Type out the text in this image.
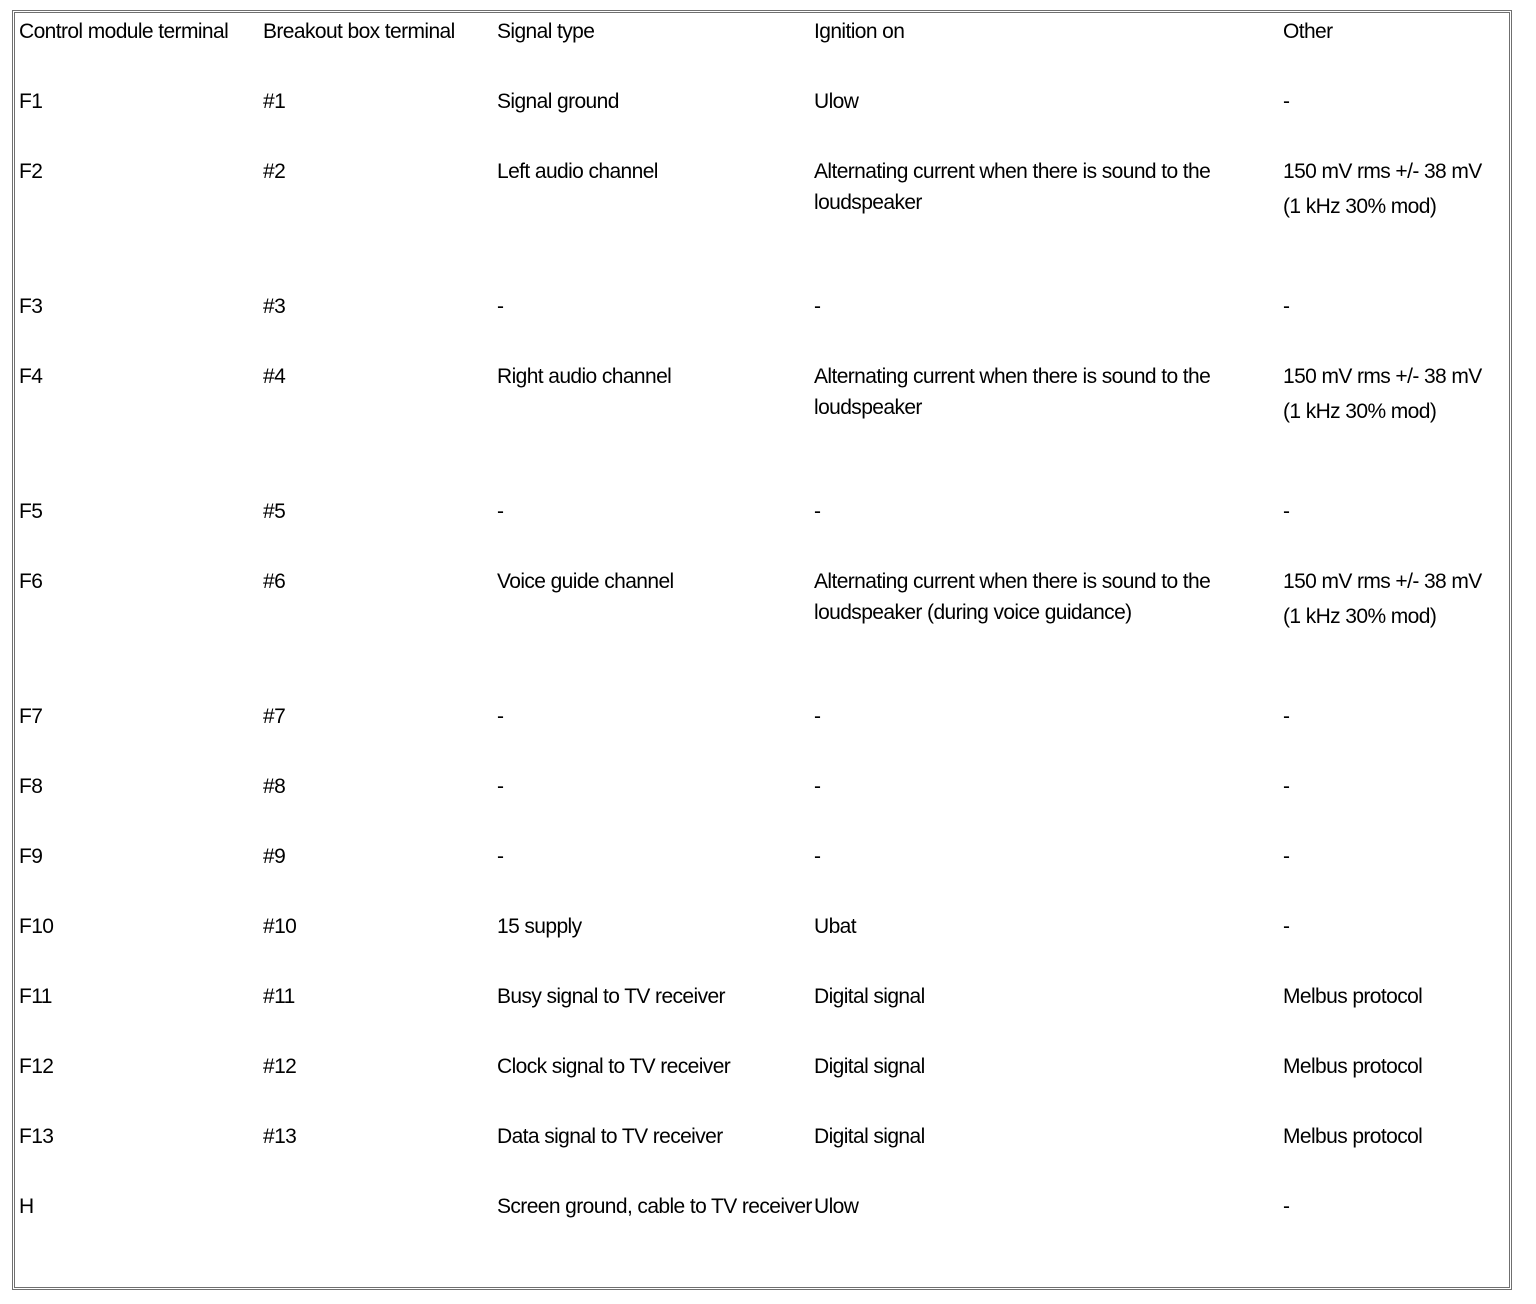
Control module terminal	Breakout box terminal	Signal type	Ignition on	Other
F1	#1	Signal ground	Ulow	-
F2	#2	Left audio channel	Alternating current when there is sound to the loudspeaker	150 mV rms +/- 38 mV
(1 kHz 30% mod)

F3	#3	-	-	-
F4	#4	Right audio channel	Alternating current when there is sound to the loudspeaker	150 mV rms +/- 38 mV
(1 kHz 30% mod)

F5	#5	-	-	-
F6	#6	Voice guide channel	Alternating current when there is sound to the loudspeaker (during voice guidance)	150 mV rms +/- 38 mV
(1 kHz 30% mod)

F7	#7	-	-	-
F8	#8	-	-	-
F9	#9	-	-	-
F10	#10	15 supply	Ubat	-
F11	#11	Busy signal to TV receiver	Digital signal	Melbus protocol
F12	#12	Clock signal to TV receiver	Digital signal	Melbus protocol
F13	#13	Data signal to TV receiver	Digital signal	Melbus protocol
H		Screen ground, cable to TV receiver	Ulow	-
